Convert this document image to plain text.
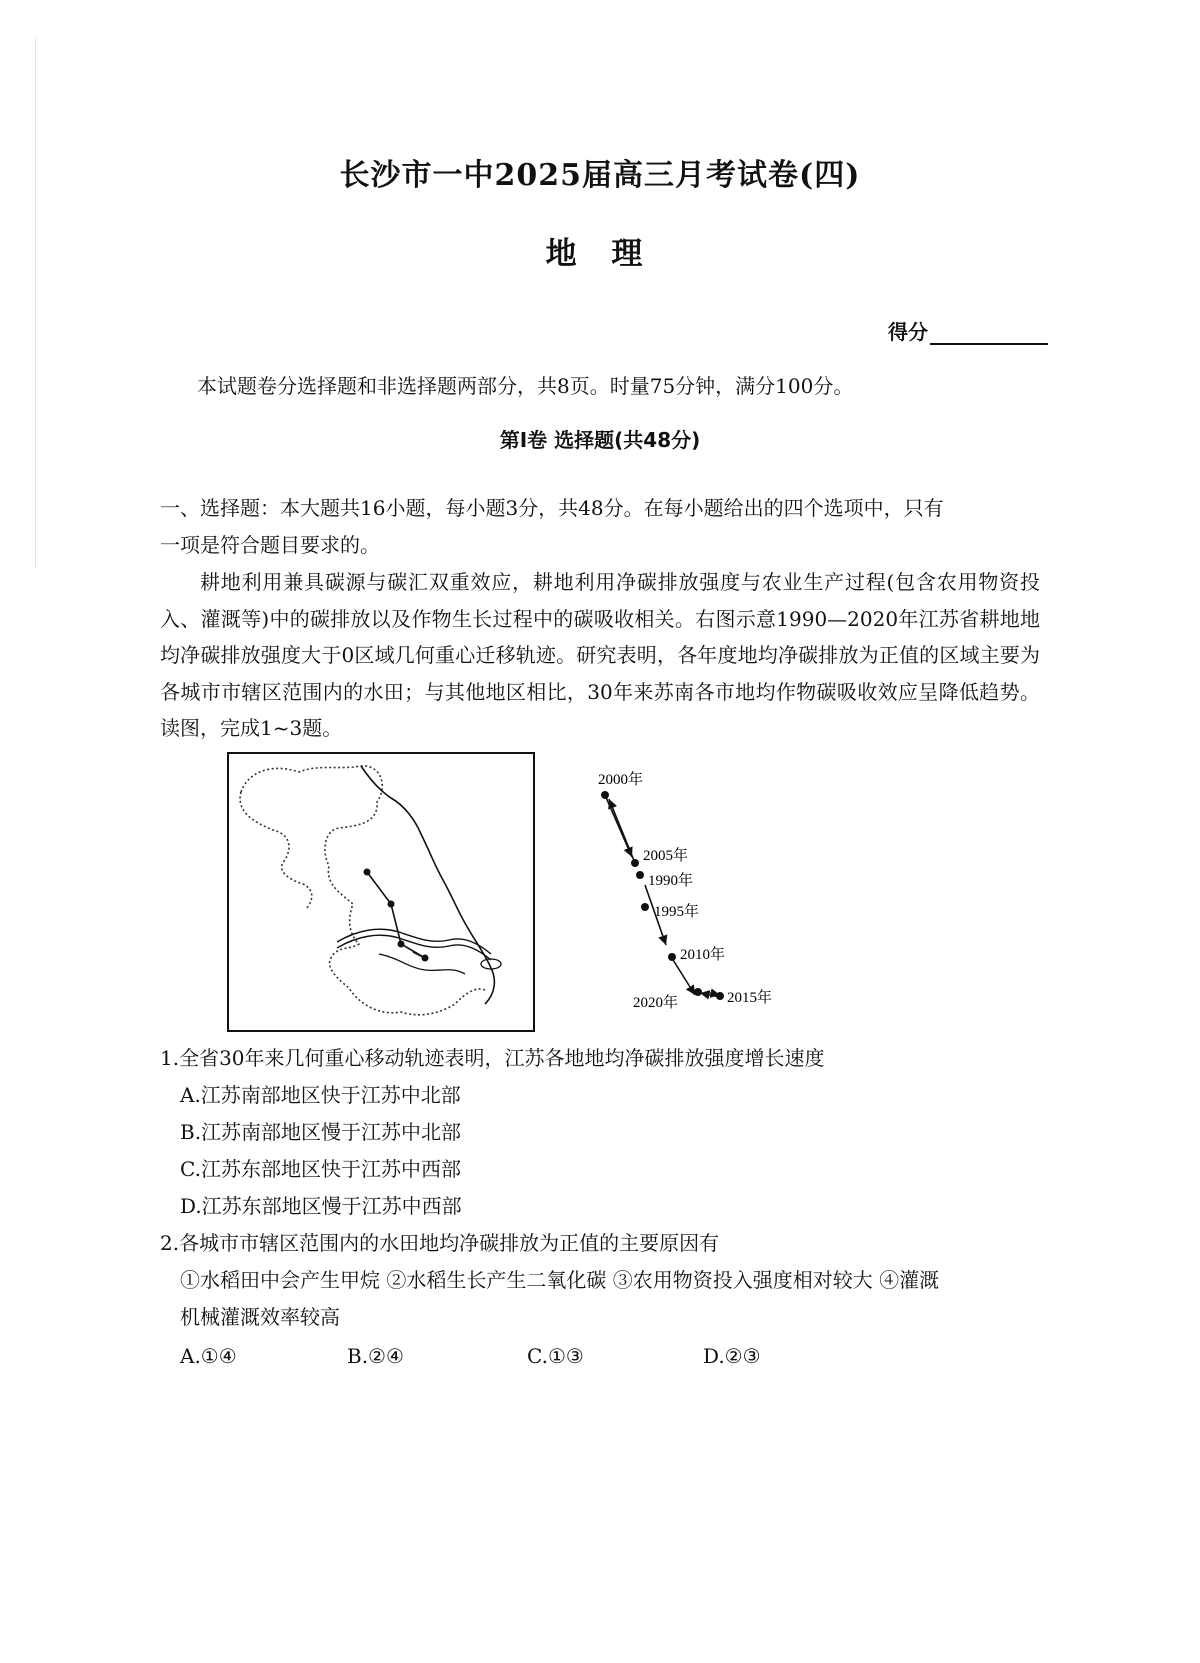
长沙市一中2025届高三月考试卷(四)
地 理
得分
本试题卷分选择题和非选择题两部分，共8页。时量75分钟，满分100分。
第Ⅰ卷 选择题(共48分)
一、选择题：本大题共16小题，每小题3分，共48分。在每小题给出的四个选项中，只有
一项是符合题目要求的。
耕地利用兼具碳源与碳汇双重效应，耕地利用净碳排放强度与农业生产过程(包含农用物资投入、灌溉等)中的碳排放以及作物生长过程中的碳吸收相关。右图示意1990—2020年江苏省耕地地均净碳排放强度大于0区域几何重心迁移轨迹。研究表明，各年度地均净碳排放为正值的区域主要为各城市市辖区范围内的水田；与其他地区相比，30年来苏南各市地均作物碳吸收效应呈降低趋势。读图，完成1~3题。
2000年
2005年
1990年
1995年
2010年
2015年
2020年
1.全省30年来几何重心移动轨迹表明，江苏各地地均净碳排放强度增长速度
A.江苏南部地区快于江苏中北部
B.江苏南部地区慢于江苏中北部
C.江苏东部地区快于江苏中西部
D.江苏东部地区慢于江苏中西部
2.各城市市辖区范围内的水田地均净碳排放为正值的主要原因有
①水稻田中会产生甲烷 ②水稻生长产生二氧化碳 ③农用物资投入强度相对较大 ④灌溉
机械灌溉效率较高
A.①④	B.②④	C.①③	D.②③
